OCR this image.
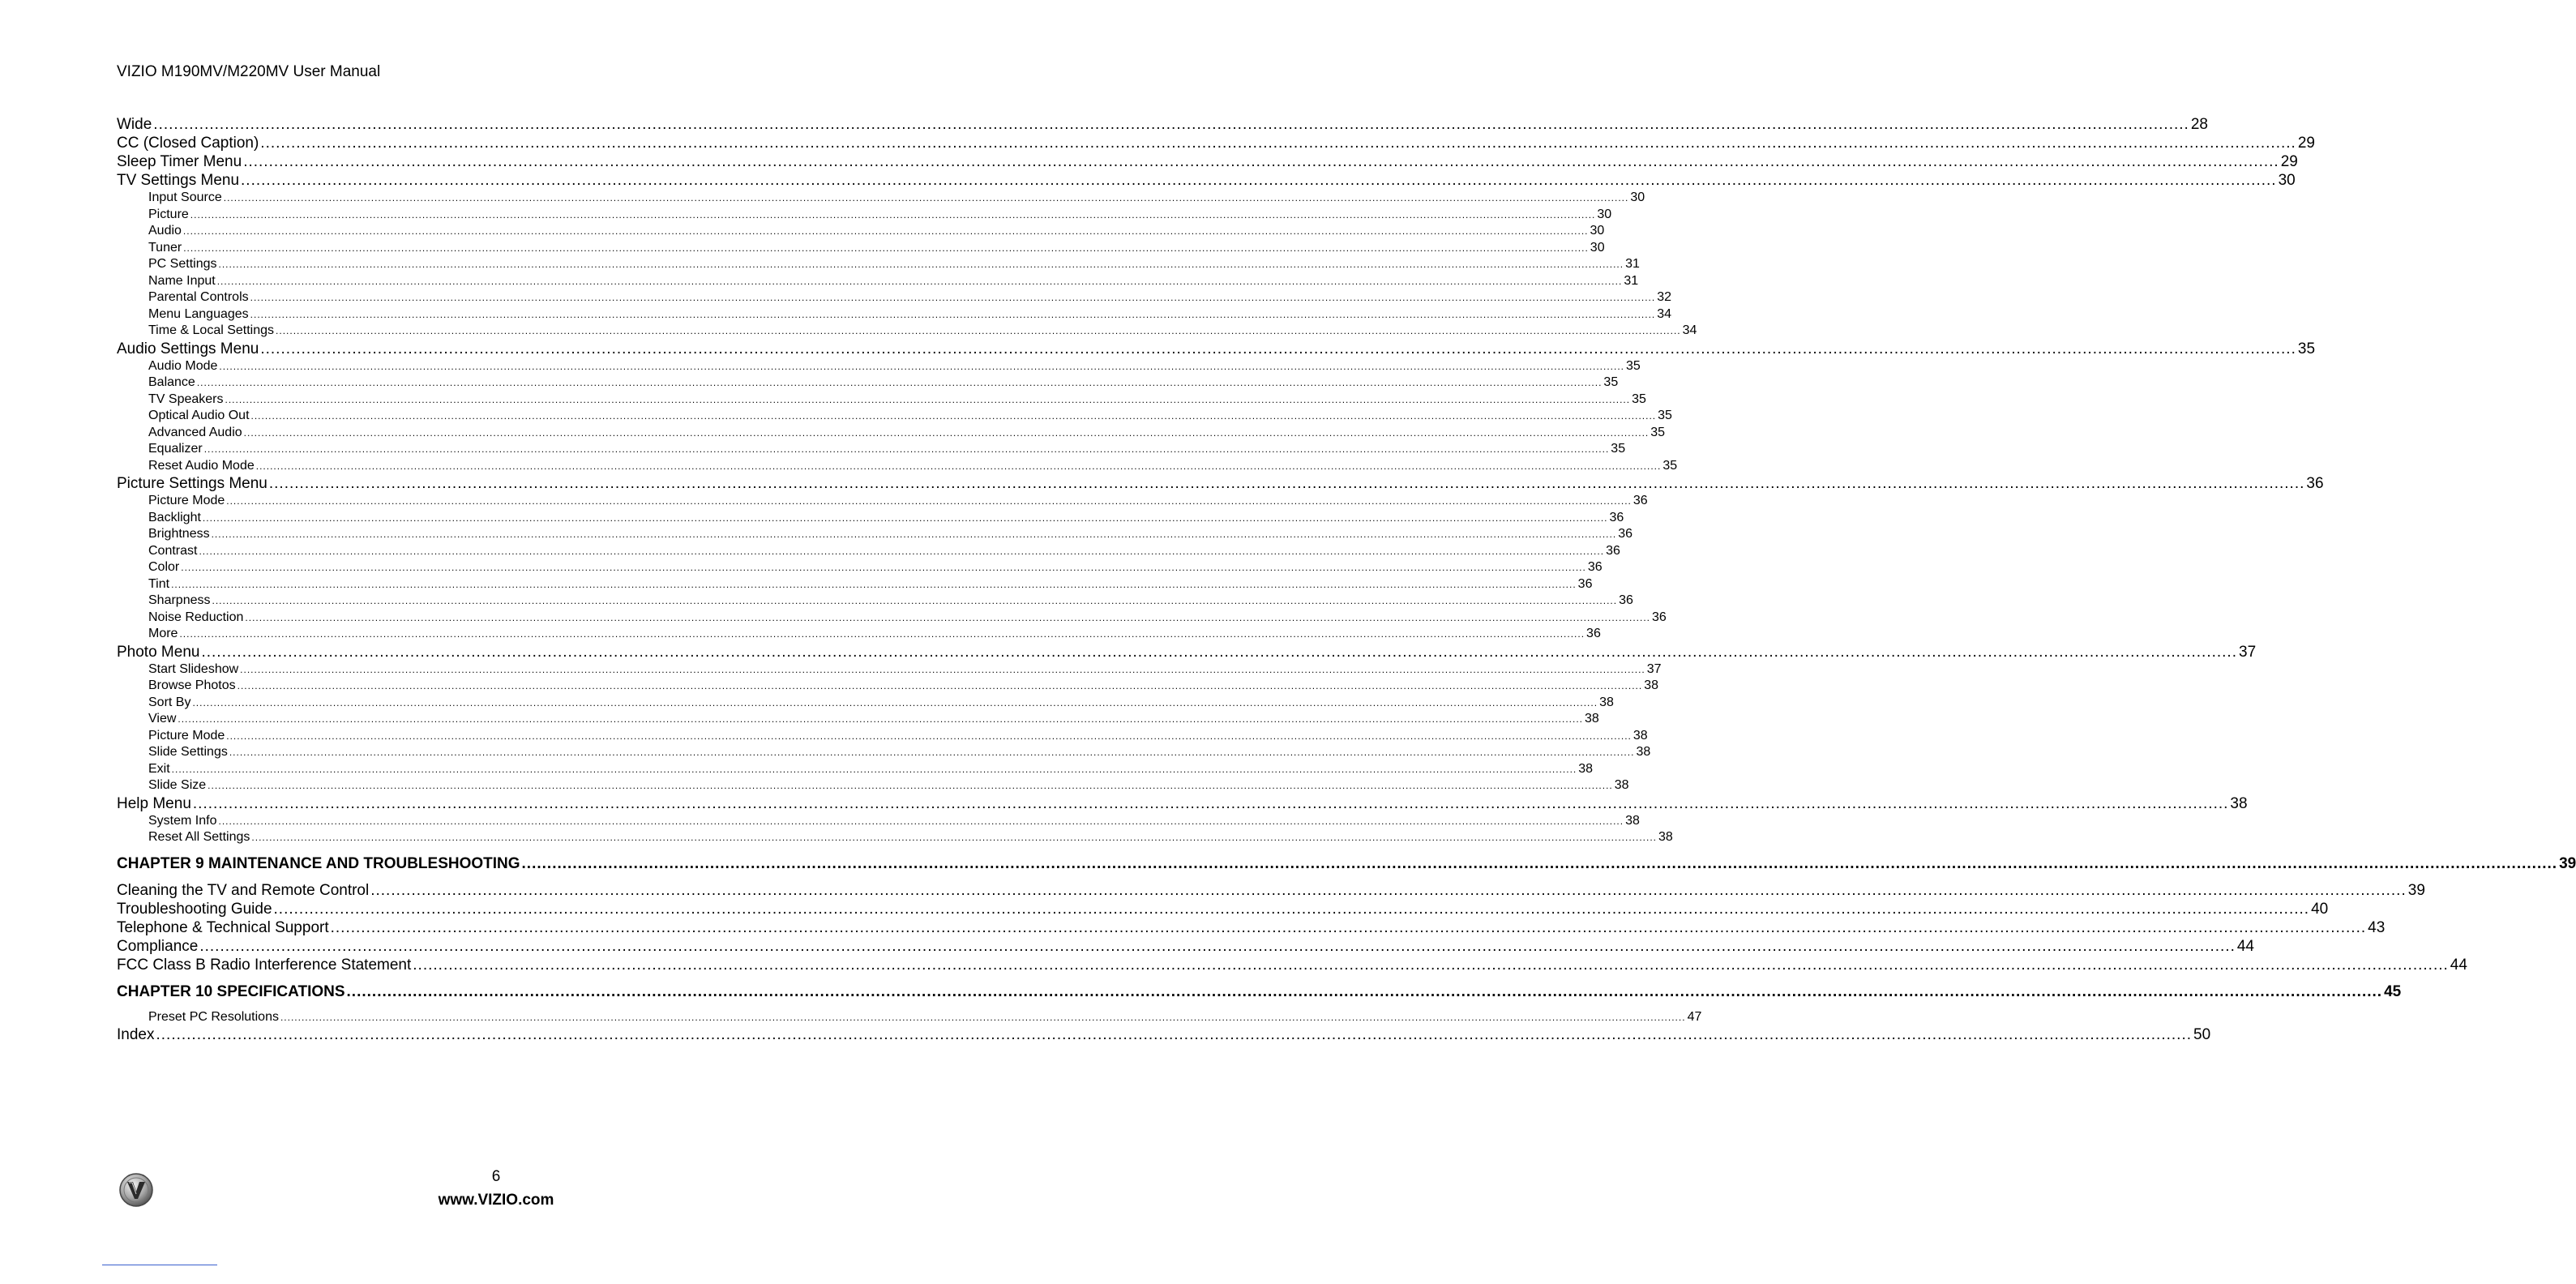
VIZIO M190MV/M220MV User Manual
Wide ................................................................................................................................................................................................................................................................................................................................................................................................................ 28
CC (Closed Caption) ................................................................................................................................................................................................................................................................................................................................................................................................................ 29
Sleep Timer Menu ................................................................................................................................................................................................................................................................................................................................................................................................................ 29
TV Settings Menu ................................................................................................................................................................................................................................................................................................................................................................................................................ 30
Input Source ................................................................................................................................................................................................................................................................................................................................................................................................................ 30
Picture ................................................................................................................................................................................................................................................................................................................................................................................................................ 30
Audio ................................................................................................................................................................................................................................................................................................................................................................................................................ 30
Tuner ................................................................................................................................................................................................................................................................................................................................................................................................................ 30
PC Settings ................................................................................................................................................................................................................................................................................................................................................................................................................ 31
Name Input ................................................................................................................................................................................................................................................................................................................................................................................................................ 31
Parental Controls ................................................................................................................................................................................................................................................................................................................................................................................................................ 32
Menu Languages ................................................................................................................................................................................................................................................................................................................................................................................................................ 34
Time & Local Settings ................................................................................................................................................................................................................................................................................................................................................................................................................ 34
Audio Settings Menu ................................................................................................................................................................................................................................................................................................................................................................................................................ 35
Audio Mode ................................................................................................................................................................................................................................................................................................................................................................................................................ 35
Balance ................................................................................................................................................................................................................................................................................................................................................................................................................ 35
TV Speakers ................................................................................................................................................................................................................................................................................................................................................................................................................ 35
Optical Audio Out ................................................................................................................................................................................................................................................................................................................................................................................................................ 35
Advanced Audio ................................................................................................................................................................................................................................................................................................................................................................................................................ 35
Equalizer ................................................................................................................................................................................................................................................................................................................................................................................................................ 35
Reset Audio Mode ................................................................................................................................................................................................................................................................................................................................................................................................................ 35
Picture Settings Menu ................................................................................................................................................................................................................................................................................................................................................................................................................ 36
Picture Mode ................................................................................................................................................................................................................................................................................................................................................................................................................ 36
Backlight ................................................................................................................................................................................................................................................................................................................................................................................................................ 36
Brightness ................................................................................................................................................................................................................................................................................................................................................................................................................ 36
Contrast ................................................................................................................................................................................................................................................................................................................................................................................................................ 36
Color ................................................................................................................................................................................................................................................................................................................................................................................................................ 36
Tint ................................................................................................................................................................................................................................................................................................................................................................................................................ 36
Sharpness ................................................................................................................................................................................................................................................................................................................................................................................................................ 36
Noise Reduction ................................................................................................................................................................................................................................................................................................................................................................................................................ 36
More ................................................................................................................................................................................................................................................................................................................................................................................................................ 36
Photo Menu ................................................................................................................................................................................................................................................................................................................................................................................................................ 37
Start Slideshow ................................................................................................................................................................................................................................................................................................................................................................................................................ 37
Browse Photos ................................................................................................................................................................................................................................................................................................................................................................................................................ 38
Sort By ................................................................................................................................................................................................................................................................................................................................................................................................................ 38
View ................................................................................................................................................................................................................................................................................................................................................................................................................ 38
Picture Mode ................................................................................................................................................................................................................................................................................................................................................................................................................ 38
Slide Settings ................................................................................................................................................................................................................................................................................................................................................................................................................ 38
Exit ................................................................................................................................................................................................................................................................................................................................................................................................................ 38
Slide Size ................................................................................................................................................................................................................................................................................................................................................................................................................ 38
Help Menu ................................................................................................................................................................................................................................................................................................................................................................................................................ 38
System Info ................................................................................................................................................................................................................................................................................................................................................................................................................ 38
Reset All Settings ................................................................................................................................................................................................................................................................................................................................................................................................................ 38
CHAPTER 9 MAINTENANCE AND TROUBLESHOOTING ................................................................................................................................................................................................................................................................................................................................................................................................................ 39
Cleaning the TV and Remote Control ................................................................................................................................................................................................................................................................................................................................................................................................................ 39
Troubleshooting Guide ................................................................................................................................................................................................................................................................................................................................................................................................................ 40
Telephone & Technical Support ................................................................................................................................................................................................................................................................................................................................................................................................................ 43
Compliance ................................................................................................................................................................................................................................................................................................................................................................................................................ 44
FCC Class B Radio Interference Statement ................................................................................................................................................................................................................................................................................................................................................................................................................ 44
CHAPTER 10 SPECIFICATIONS ................................................................................................................................................................................................................................................................................................................................................................................................................ 45
Preset PC Resolutions ................................................................................................................................................................................................................................................................................................................................................................................................................ 47
Index ................................................................................................................................................................................................................................................................................................................................................................................................................ 50
6
www.VIZIO.com
